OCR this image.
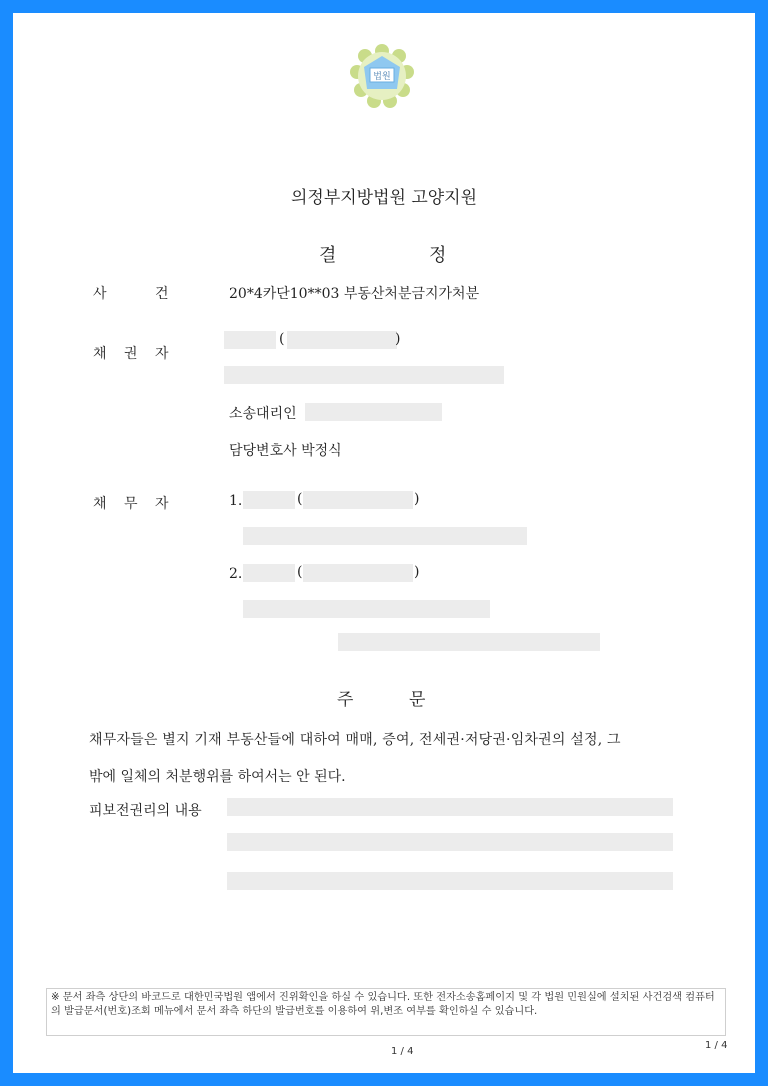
법원
의정부지방법원 고양지원
결	정
사	건	20*4카단10**03 부동산처분금지가처분
채 권 자
(	)
소송대리인
담당변호사 박정식
채 무 자	1.	(	)
2.	(	)
주	문
채무자들은 별지 기재 부동산들에 대하여 매매, 증여, 전세권·저당권·임차권의 설정, 그
밖에 일체의 처분행위를 하여서는 안 된다.
피보전권리의 내용
※ 문서 좌측 상단의 바코드로 대한민국법원 앱에서 진위확인을 하실 수 있습니다. 또한 전자소송홈페이지 및 각 법원 민원실에 설치된 사건검색 컴퓨터의 발급문서(번호)조회 메뉴에서 문서 좌측 하단의 발급번호를 이용하여 위,변조 여부를 확인하실 수 있습니다.
1 / 4
1 / 4
